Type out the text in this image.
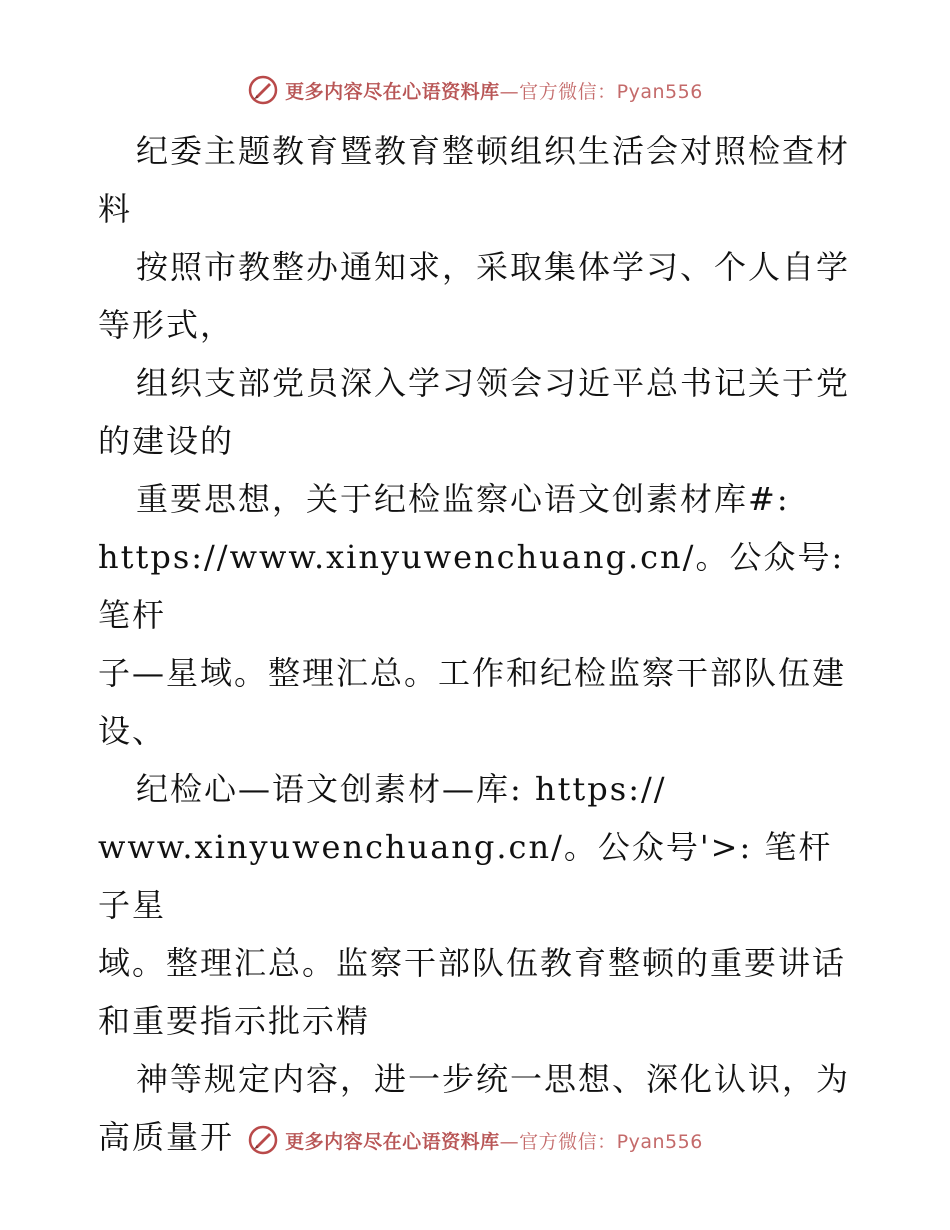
更多内容尽在心语资料库—官方微信：Pyan556

纪委主题教育暨教育整顿组织生活会对照检查材
料

按照市教整办通知求，采取集体学习、个人自学
等形式，

组织支部党员深入学习领会习近平总书记关于党
的建设的

重要思想，关于纪检监察心语文创素材库#:
https://www.xinyuwenchuang.cn/。公众号: 笔杆
子—星域。整理汇总。工作和纪检监察干部队伍建
设、

纪检心—语文创素材—库: https://
www.xinyuwenchuang.cn/。公众号'>: 笔杆子星
域。整理汇总。监察干部队伍教育整顿的重要讲话
和重要指示批示精

神等规定内容，进一步统一思想、深化认识，为
高质量开	更多内容尽在心语资料库—官方微信：Pyan556
